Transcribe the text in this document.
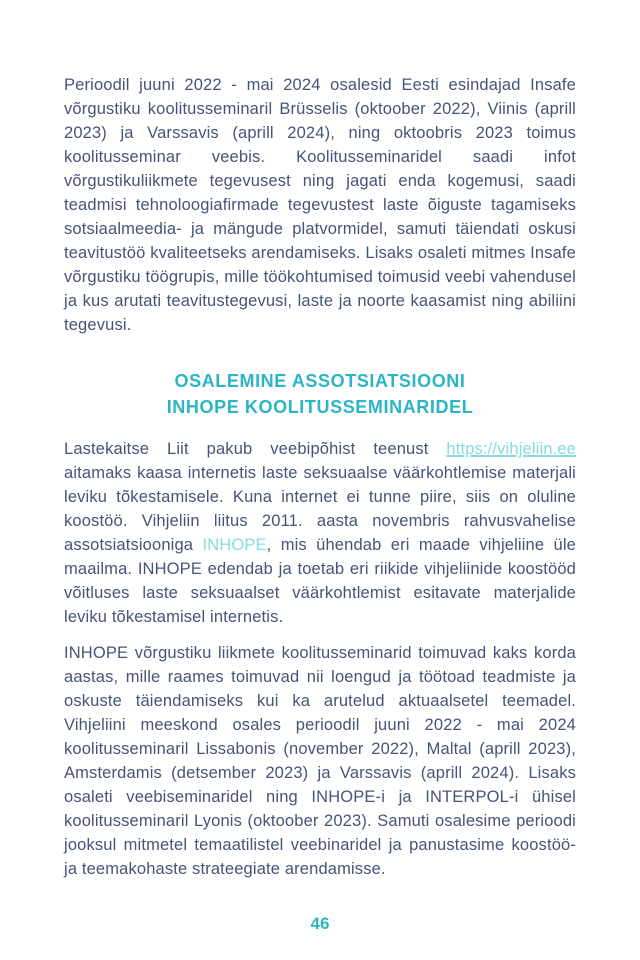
Perioodil juuni 2022 - mai 2024 osalesid Eesti esindajad Insafe võrgustiku koolitusseminaril Brüsselis (oktoober 2022), Viinis (aprill 2023) ja Varssavis (aprill 2024), ning oktoobris 2023 toimus koolitusseminar veebis. Koolitusseminaridel saadi infot võrgustikuliikmete tegevusest ning jagati enda kogemusi, saadi teadmisi tehnoloogiafirmade tegevustest laste õiguste tagamiseks sotsiaalmeedia- ja mängude platvormidel, samuti täiendati oskusi teavitustöö kvaliteetseks arendamiseks. Lisaks osaleti mitmes Insafe võrgustiku töögrupis, mille töökohtumised toimusid veebi vahendusel ja kus arutati teavitustegevusi, laste ja noorte kaasamist ning abiliini tegevusi.

OSALEMINE ASSOTSIATSIOONI
INHOPE KOOLITUSSEMINARIDEL

Lastekaitse Liit pakub veebipõhist teenust https://vihjeliin.ee aitamaks kaasa internetis laste seksuaalse väärkohtlemise materjali leviku tõkestamisele. Kuna internet ei tunne piire, siis on oluline koostöö. Vihjeliin liitus 2011. aasta novembris rahvusvahelise assotsiatsiooniga INHOPE, mis ühendab eri maade vihjeliine üle maailma. INHOPE edendab ja toetab eri riikide vihjeliinide koostööd võitluses laste seksuaalset väärkohtlemist esitavate materjalide leviku tõkestamisel internetis.

INHOPE võrgustiku liikmete koolitusseminarid toimuvad kaks korda aastas, mille raames toimuvad nii loengud ja töötoad teadmiste ja oskuste täiendamiseks kui ka arutelud aktuaalsetel teemadel. Vihjeliini meeskond osales perioodil juuni 2022 - mai 2024 koolitusseminaril Lissabonis (november 2022), Maltal (aprill 2023), Amsterdamis (detsember 2023) ja Varssavis (aprill 2024). Lisaks osaleti veebiseminaridel ning INHOPE-i ja INTERPOL-i ühisel koolitusseminaril Lyonis (oktoober 2023). Samuti osalesime perioodi jooksul mitmetel temaatilistel veebinaridel ja panustasime koostöö- ja teemakohaste strateegiate arendamisse.

46
